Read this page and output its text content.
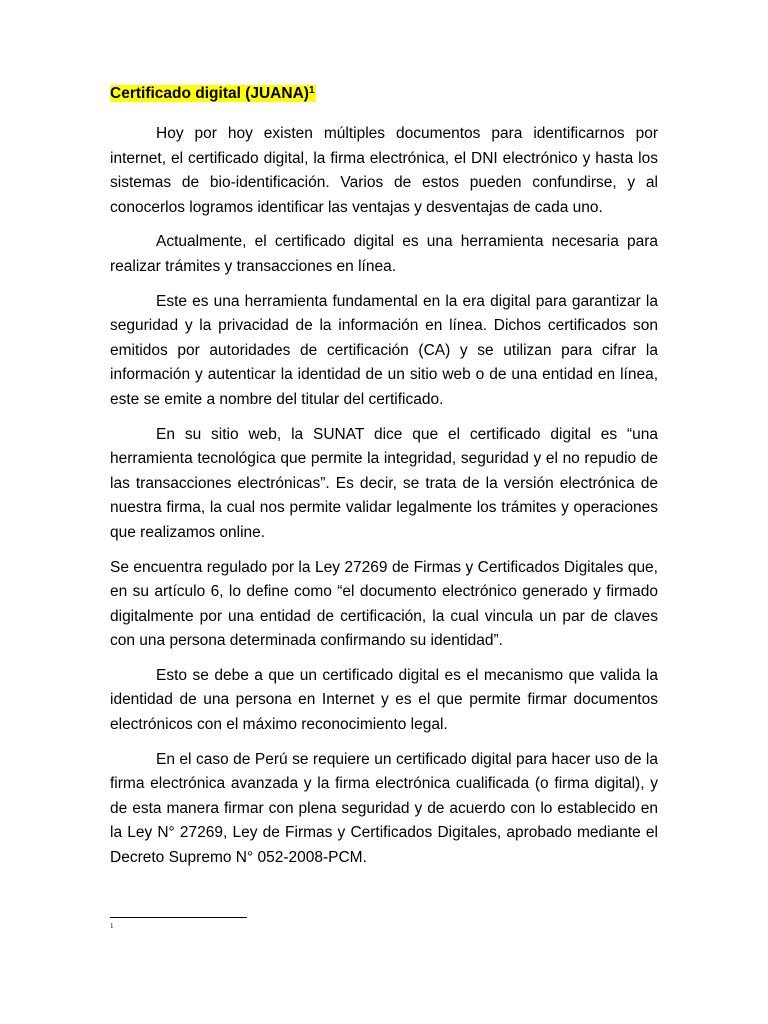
Certificado digital (JUANA)$^1$

Hoy por hoy existen múltiples documentos para identificarnos por internet, el certificado digital, la firma electrónica, el DNI electrónico y hasta los sistemas de bio-identificación. Varios de estos pueden confundirse, y al conocerlos logramos identificar las ventajas y desventajas de cada uno.

Actualmente, el certificado digital es una herramienta necesaria para realizar trámites y transacciones en línea.

Este es una herramienta fundamental en la era digital para garantizar la seguridad y la privacidad de la información en línea. Dichos certificados son emitidos por autoridades de certificación (CA) y se utilizan para cifrar la información y autenticar la identidad de un sitio web o de una entidad en línea, este se emite a nombre del titular del certificado.

En su sitio web, la SUNAT dice que el certificado digital es “una herramienta tecnológica que permite la integridad, seguridad y el no repudio de las transacciones electrónicas”. Es decir, se trata de la versión electrónica de nuestra firma, la cual nos permite validar legalmente los trámites y operaciones que realizamos online.

Se encuentra regulado por la Ley 27269 de Firmas y Certificados Digitales que, en su artículo 6, lo define como “el documento electrónico generado y firmado digitalmente por una entidad de certificación, la cual vincula un par de claves con una persona determinada confirmando su identidad”.

Esto se debe a que un certificado digital es el mecanismo que valida la identidad de una persona en Internet y es el que permite firmar documentos electrónicos con el máximo reconocimiento legal.

En el caso de Perú se requiere un certificado digital para hacer uso de la firma electrónica avanzada y la firma electrónica cualificada (o firma digital), y de esta manera firmar con plena seguridad y de acuerdo con lo establecido en la Ley N° 27269, Ley de Firmas y Certificados Digitales, aprobado mediante el Decreto Supremo N° 052-2008-PCM.

1
